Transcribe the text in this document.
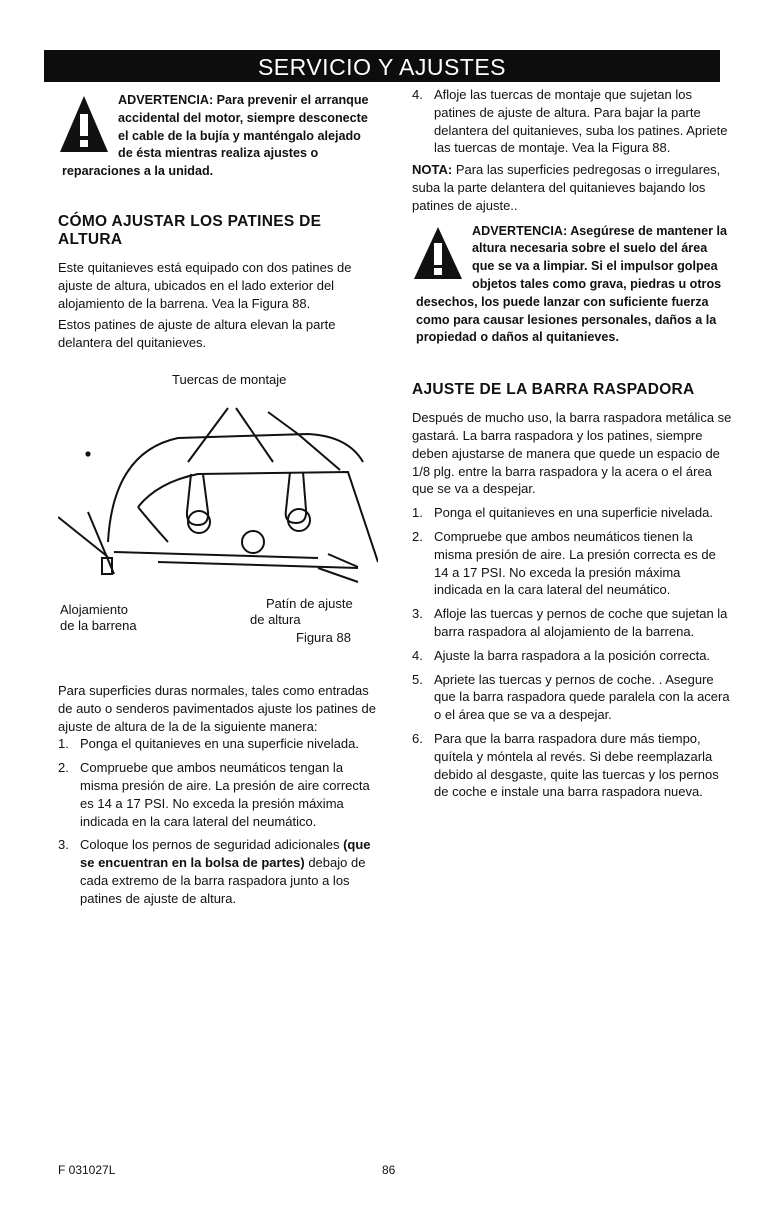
SERVICIO Y AJUSTES
ADVERTENCIA: Para prevenir el arranque accidental del motor, siempre desconecte el cable de la bujía y manténgalo alejado de ésta mientras realiza ajustes o reparaciones a la unidad.
CÓMO AJUSTAR LOS PATINES DE ALTURA

Este quitanieves está equipado con dos patines de ajuste de altura, ubicados en el lado exterior del alojamiento de la barrena. Vea la Figura 88.

Estos patines de ajuste de altura elevan la parte delantera del quitanieves.

Tuercas de montaje
Alojamiento
de la barrena
Patín de ajuste
de altura
Figura 88

Para superficies duras normales, tales como entradas de auto o senderos pavimentados ajuste los patines de ajuste de altura de la de la siguiente manera:

1. Ponga el quitanieves en una superficie nivelada.
2. Compruebe que ambos neumáticos tengan la misma presión de aire. La presión de aire correcta es 14 a 17 PSI. No exceda la presión máxima indicada en la cara lateral del neumático.
3. Coloque los pernos de seguridad adicionales (que se encuentran en la bolsa de partes) debajo de cada extremo de la barra raspadora junto a los patines de ajuste de altura.
4. Afloje las tuercas de montaje que sujetan los patines de ajuste de altura. Para bajar la parte delantera del quitanieves, suba los patines. Apriete las tuercas de montaje. Vea la Figura 88.

NOTA: Para las superficies pedregosas o irregulares, suba la parte delantera del quitanieves bajando los patines de ajuste..

ADVERTENCIA: Asegúrese de mantener la altura necesaria sobre el suelo del área que se va a limpiar. Si el impulsor golpea objetos tales como grava, piedras u otros desechos, los puede lanzar con suficiente fuerza como para causar lesiones personales, daños a la propiedad o daños al quitanieves.
AJUSTE DE LA BARRA RASPADORA

Después de mucho uso, la barra raspadora metálica se gastará. La barra raspadora y los patines, siempre deben ajustarse de manera que quede un espacio de 1/8 plg. entre la barra raspadora y la acera o el área que se va a despejar.

1. Ponga el quitanieves en una superficie nivelada.
2. Compruebe que ambos neumáticos tienen la misma presión de aire. La presión correcta es de 14 a 17 PSI. No exceda la presión máxima indicada en la cara lateral del neumático.
3. Afloje las tuercas y pernos de coche que sujetan la barra raspadora al alojamiento de la barrena.
4. Ajuste la barra raspadora a la posición correcta.
5. Apriete las tuercas y pernos de coche. . Asegure que la barra raspadora quede paralela con la acera o el área que se va a despejar.
6. Para que la barra raspadora dure más tiempo, quítela y móntela al revés. Si debe reemplazarla debido al desgaste, quite las tuercas y los pernos de coche e instale una barra raspadora nueva.
F 031027L	86
